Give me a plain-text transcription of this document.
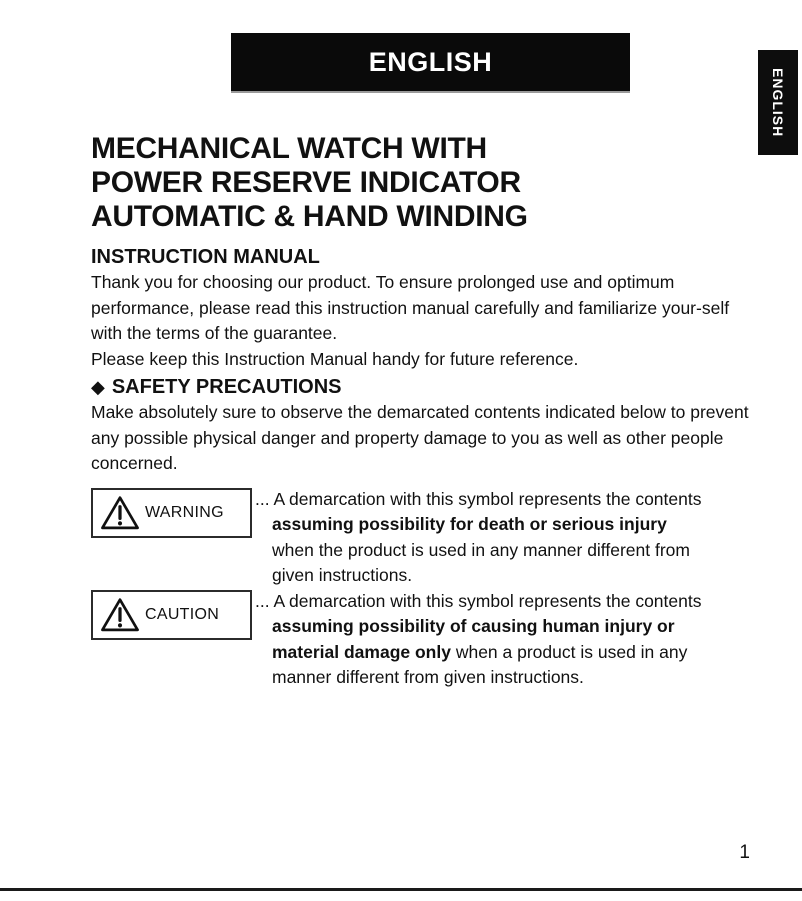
ENGLISH
ENGLISH
MECHANICAL WATCH WITH
POWER RESERVE INDICATOR
AUTOMATIC & HAND WINDING
INSTRUCTION MANUAL
Thank you for choosing our product. To ensure prolonged use and optimum performance, please read this instruction manual carefully and familiarize your-self with the terms of the guarantee.
Please keep this Instruction Manual handy for future reference.
◆ SAFETY PRECAUTIONS
Make absolutely sure to observe the demarcated contents indicated below to prevent any possible physical danger and property damage to you as well as other people concerned.
WARNING
... A demarcation with this symbol represents the contents
assuming possibility for death or serious injury
when the product is used in any manner different from
given instructions.
CAUTION
... A demarcation with this symbol represents the contents
assuming possibility of causing human injury or
material damage only when a product is used in any
manner different from given instructions.
1
